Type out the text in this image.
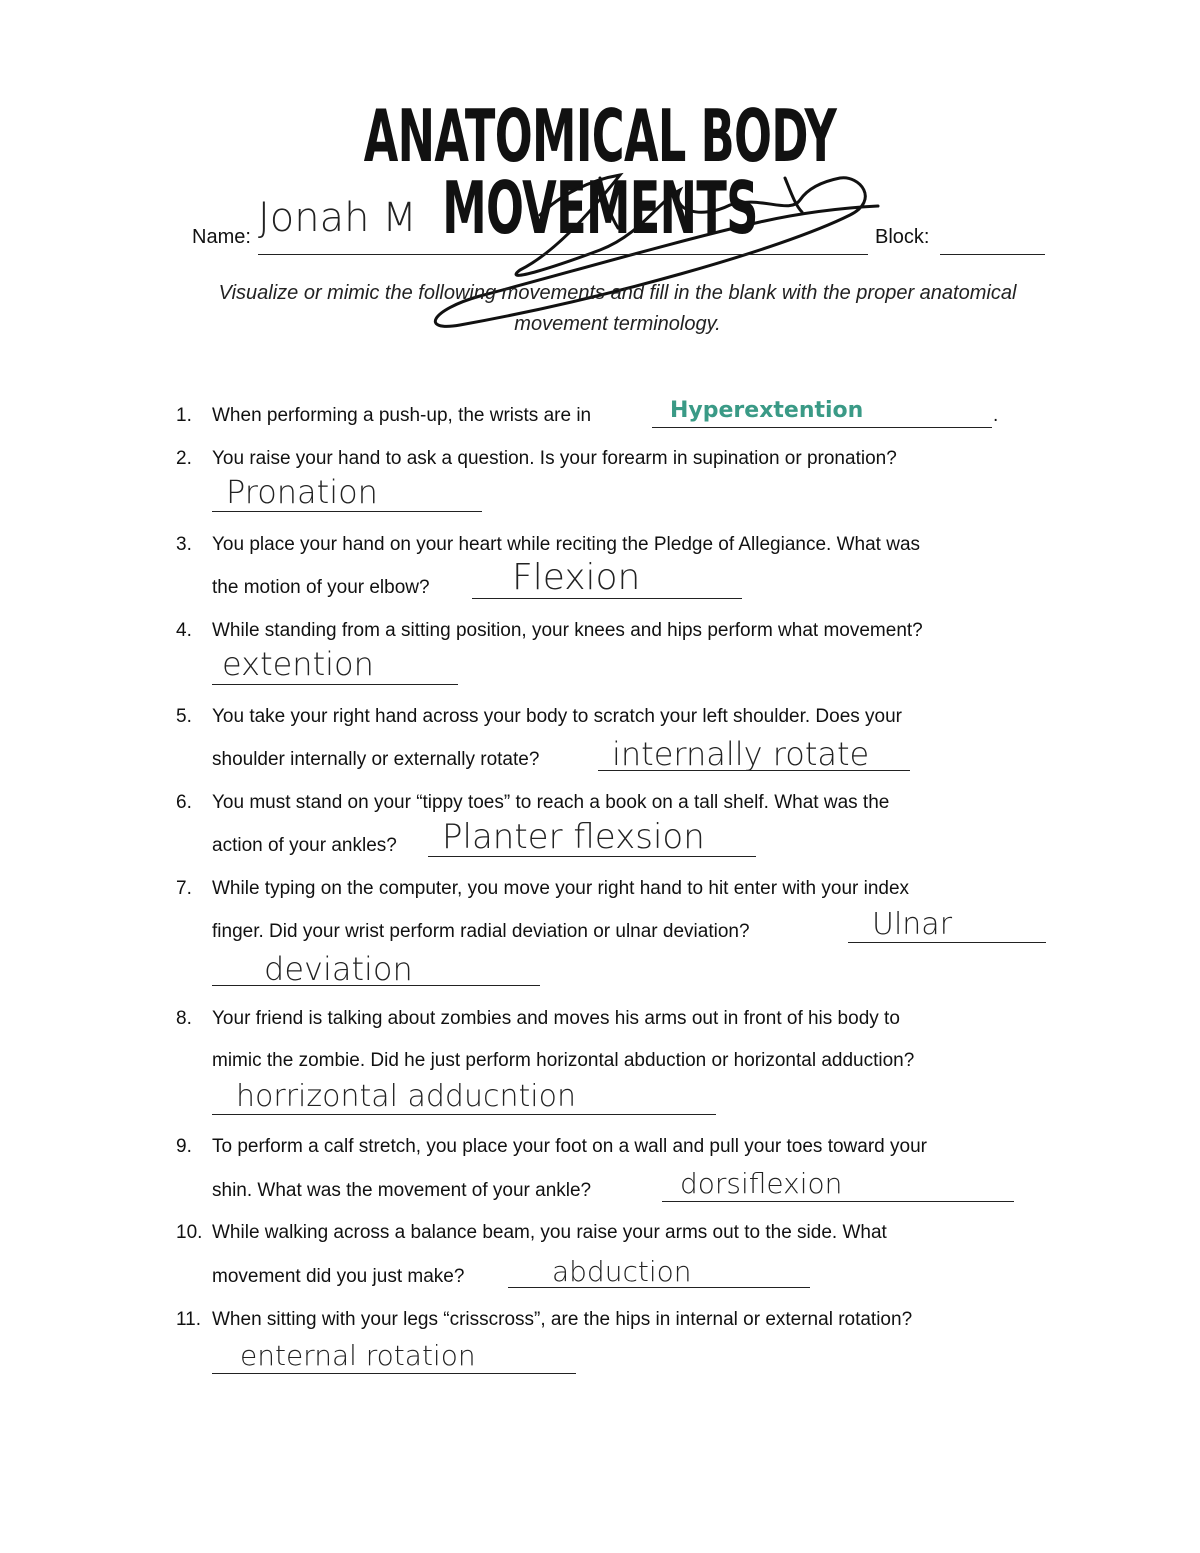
ANATOMICAL BODY MOVEMENTS
Name: Jonah M	Block:
Visualize or mimic the following movements and fill in the blank with the proper anatomical movement terminology.
1. When performing a push-up, the wrists are in	Hyperextention	.
2. You raise your hand to ask a question. Is your forearm in supination or pronation?
Pronation
3. You place your hand on your heart while reciting the Pledge of Allegiance. What was
the motion of your elbow? Flexion
4. While standing from a sitting position, your knees and hips perform what movement?
extention
5. You take your right hand across your body to scratch your left shoulder. Does your
shoulder internally or externally rotate? internally rotate
6. You must stand on your “tippy toes” to reach a book on a tall shelf. What was the
action of your ankles? Planter flexsion
7. While typing on the computer, you move your right hand to hit enter with your index
finger. Did your wrist perform radial deviation or ulnar deviation?	Ulnar
deviation
8. Your friend is talking about zombies and moves his arms out in front of his body to
mimic the zombie. Did he just perform horizontal abduction or horizontal adduction?
horrizontal adducntion
9. To perform a calf stretch, you place your foot on a wall and pull your toes toward your
shin. What was the movement of your ankle?	dorsiflexion
10. While walking across a balance beam, you raise your arms out to the side. What
movement did you just make?	abduction
11. When sitting with your legs “crisscross”, are the hips in internal or external rotation?
enternal rotation
